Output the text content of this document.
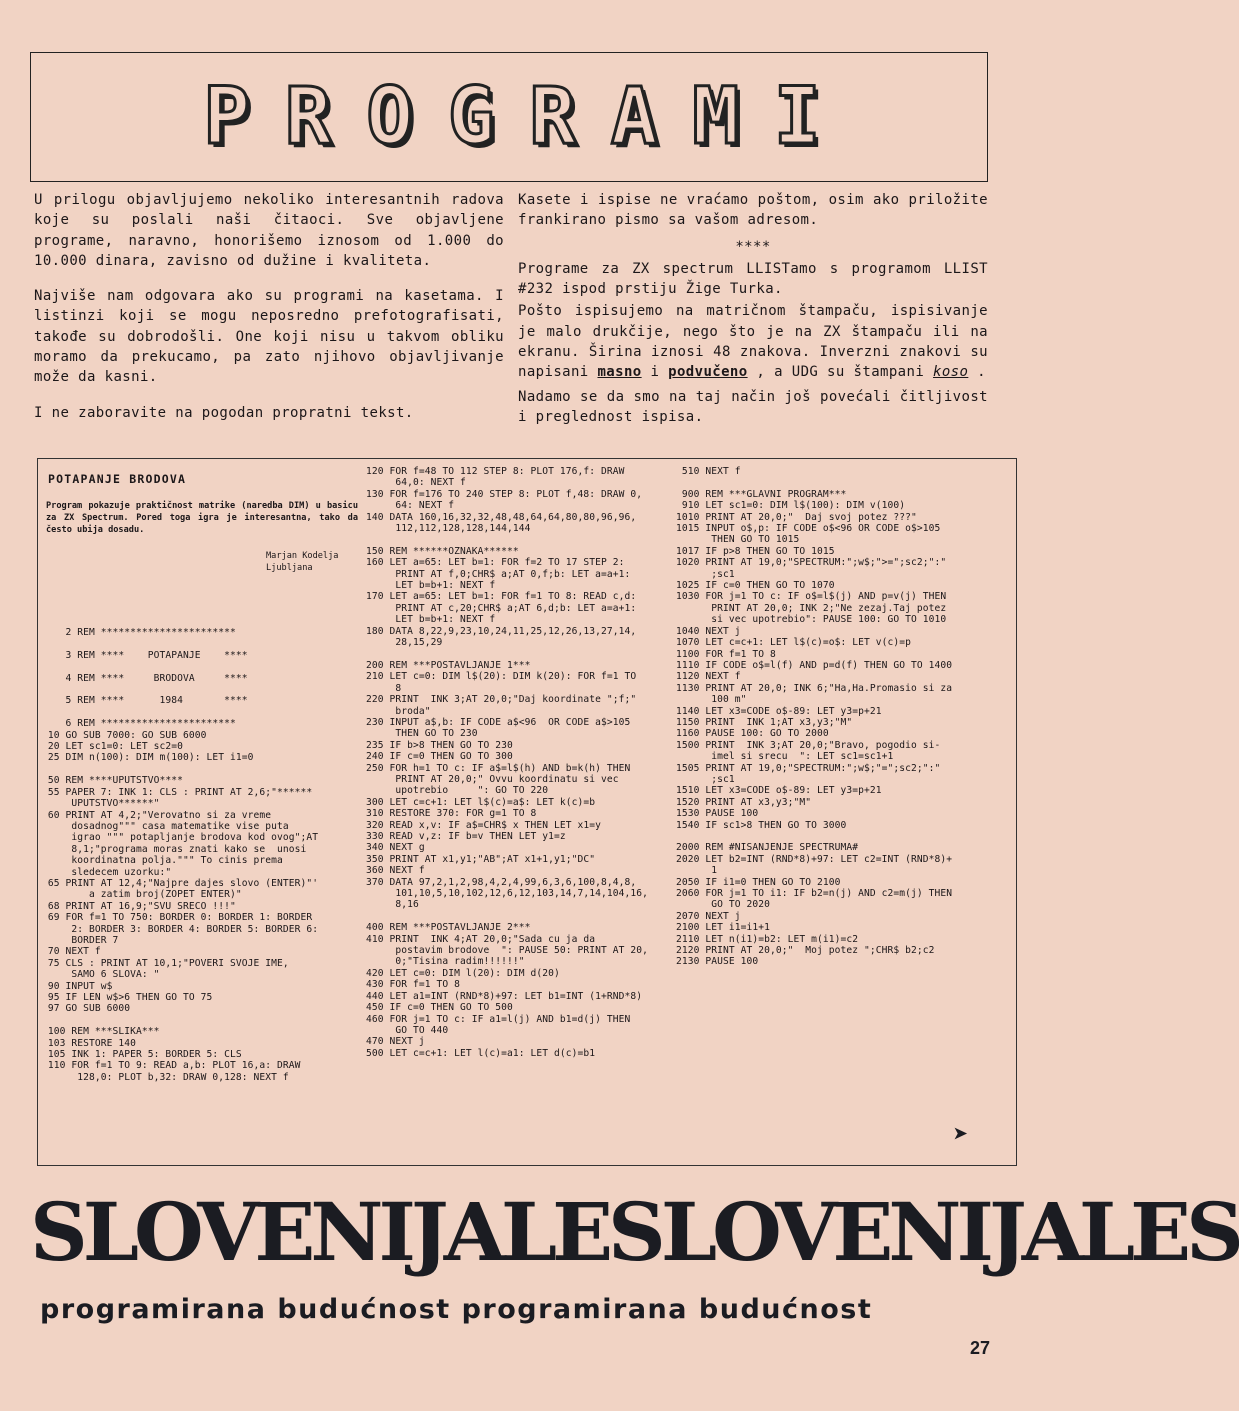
P R O G R A M I

U prilogu objavljujemo nekoliko interesantnih radova koje su poslali naši čitaoci. Sve objavljene programe, naravno, honorišemo iznosom od 1.000 do 10.000 dinara, zavisno od dužine i kvaliteta.

Najviše nam odgovara ako su programi na kasetama. I listinzi koji se mogu neposredno prefotografisati, takođe su dobrodošli. One koji nisu u takvom obliku moramo da prekucamo, pa zato njihovo objavljivanje može da kasni.

I ne zaboravite na pogodan propratni tekst.

Kasete i ispise ne vraćamo poštom, osim ako priložite frankirano pismo sa vašom adresom.

****

Programe za ZX spectrum LLISTamo s programom LLIST #232 ispod prstiju Žige Turka.

Pošto ispisujemo na matričnom štampaču, ispisivanje je malo drukčije, nego što je na ZX štampaču ili na ekranu. Širina iznosi 48 znakova. Inverzni znakovi su napisani masno i podvučeno , a UDG su štampani koso .

Nadamo se da smo na taj način još povećali čitljivost i preglednost ispisa.

POTAPANJE BRODOVA
Program pokazuje praktičnost matrike (naredba DIM) u basicu za ZX Spectrum. Pored toga igra je interesantna, tako da često ubija dosadu.
Marjan Kodelja
Ljubljana
2 REM ***********************

3 REM ****    POTAPANJE    ****

4 REM ****     BRODOVA     ****

5 REM ****      1984       ****

6 REM ***********************
10 GO SUB 7000: GO SUB 6000
20 LET sc1=0: LET sc2=0
25 DIM n(100): DIM m(100): LET i1=0

50 REM ****UPUTSTVO****
55 PAPER 7: INK 1: CLS : PRINT AT 2,6;"******
UPUTSTVO******"
60 PRINT AT 4,2;"Verovatno si za vreme
dosadnog""" casa matematike vise puta
igrao """ potapljanje brodova kod ovog";AT
8,1;"programa moras znati kako se  unosi
koordinatna polja.""" To cinis prema
sledecem uzorku:"
65 PRINT AT 12,4;"Najpre dajes slovo (ENTER)"'
a zatim broj(ZOPET ENTER)"
68 PRINT AT 16,9;"SVU SRECO !!!"
69 FOR f=1 TO 750: BORDER 0: BORDER 1: BORDER
2: BORDER 3: BORDER 4: BORDER 5: BORDER 6:
BORDER 7
70 NEXT f
75 CLS : PRINT AT 10,1;"POVERI SVOJE IME,
SAMO 6 SLOVA: "
90 INPUT w$
95 IF LEN w$>6 THEN GO TO 75
97 GO SUB 6000

100 REM ***SLIKA***
103 RESTORE 140
105 INK 1: PAPER 5: BORDER 5: CLS
110 FOR f=1 TO 9: READ a,b: PLOT 16,a: DRAW
128,0: PLOT b,32: DRAW 0,128: NEXT f
120 FOR f=48 TO 112 STEP 8: PLOT 176,f: DRAW
64,0: NEXT f
130 FOR f=176 TO 240 STEP 8: PLOT f,48: DRAW 0,
64: NEXT f
140 DATA 160,16,32,32,48,48,64,64,80,80,96,96,
112,112,128,128,144,144

150 REM ******OZNAKA******
160 LET a=65: LET b=1: FOR f=2 TO 17 STEP 2:
PRINT AT f,0;CHR$ a;AT 0,f;b: LET a=a+1:
LET b=b+1: NEXT f
170 LET a=65: LET b=1: FOR f=1 TO 8: READ c,d:
PRINT AT c,20;CHR$ a;AT 6,d;b: LET a=a+1:
LET b=b+1: NEXT f
180 DATA 8,22,9,23,10,24,11,25,12,26,13,27,14,
28,15,29

200 REM ***POSTAVLJANJE 1***
210 LET c=0: DIM l$(20): DIM k(20): FOR f=1 TO
8
220 PRINT  INK 3;AT 20,0;"Daj koordinate ";f;"
broda"
230 INPUT a$,b: IF CODE a$<96  OR CODE a$>105
THEN GO TO 230
235 IF b>8 THEN GO TO 230
240 IF c=0 THEN GO TO 300
250 FOR h=1 TO c: IF a$=l$(h) AND b=k(h) THEN
PRINT AT 20,0;" Ovvu koordinatu si vec
upotrebio     ": GO TO 220
300 LET c=c+1: LET l$(c)=a$: LET k(c)=b
310 RESTORE 370: FOR g=1 TO 8
320 READ x,v: IF a$=CHR$ x THEN LET x1=y
330 READ v,z: IF b=v THEN LET y1=z
340 NEXT g
350 PRINT AT x1,y1;"AB";AT x1+1,y1;"DC"
360 NEXT f
370 DATA 97,2,1,2,98,4,2,4,99,6,3,6,100,8,4,8,
101,10,5,10,102,12,6,12,103,14,7,14,104,16,
8,16

400 REM ***POSTAVLJANJE 2***
410 PRINT  INK 4;AT 20,0;"Sada cu ja da
postavim brodove  ": PAUSE 50: PRINT AT 20,
0;"Tisina radim!!!!!!"
420 LET c=0: DIM l(20): DIM d(20)
430 FOR f=1 TO 8
440 LET a1=INT (RND*8)+97: LET b1=INT (1+RND*8)
450 IF c=0 THEN GO TO 500
460 FOR j=1 TO c: IF a1=l(j) AND b1=d(j) THEN
GO TO 440
470 NEXT j
500 LET c=c+1: LET l(c)=a1: LET d(c)=b1
510 NEXT f

900 REM ***GLAVNI PROGRAM***
910 LET sc1=0: DIM l$(100): DIM v(100)
1010 PRINT AT 20,0;"  Daj svoj potez ???"
1015 INPUT o$,p: IF CODE o$<96 OR CODE o$>105
THEN GO TO 1015
1017 IF p>8 THEN GO TO 1015
1020 PRINT AT 19,0;"SPECTRUM:";w$;">=";sc2;":"
;sc1
1025 IF c=0 THEN GO TO 1070
1030 FOR j=1 TO c: IF o$=l$(j) AND p=v(j) THEN
PRINT AT 20,0; INK 2;"Ne zezaj.Taj potez
si vec upotrebio": PAUSE 100: GO TO 1010
1040 NEXT j
1070 LET c=c+1: LET l$(c)=o$: LET v(c)=p
1100 FOR f=1 TO 8
1110 IF CODE o$=l(f) AND p=d(f) THEN GO TO 1400
1120 NEXT f
1130 PRINT AT 20,0; INK 6;"Ha,Ha.Promasio si za
100 m"
1140 LET x3=CODE o$-89: LET y3=p+21
1150 PRINT  INK 1;AT x3,y3;"M"
1160 PAUSE 100: GO TO 2000
1500 PRINT  INK 3;AT 20,0;"Bravo, pogodio si-
imel si srecu  ": LET sc1=sc1+1
1505 PRINT AT 19,0;"SPECTRUM:";w$;"=";sc2;":"
;sc1
1510 LET x3=CODE o$-89: LET y3=p+21
1520 PRINT AT x3,y3;"M"
1530 PAUSE 100
1540 IF sc1>8 THEN GO TO 3000

2000 REM #NISANJENJE SPECTRUMA#
2020 LET b2=INT (RND*8)+97: LET c2=INT (RND*8)+
1
2050 IF i1=0 THEN GO TO 2100
2060 FOR j=1 TO i1: IF b2=n(j) AND c2=m(j) THEN
GO TO 2020
2070 NEXT j
2100 LET i1=i1+1
2110 LET n(i1)=b2: LET m(i1)=c2
2120 PRINT AT 20,0;"  Moj potez ";CHR$ b2;c2
2130 PAUSE 100
➤
SLOVENIJALESLOVENIJALES
programirana budućnost programirana budućnost
27
